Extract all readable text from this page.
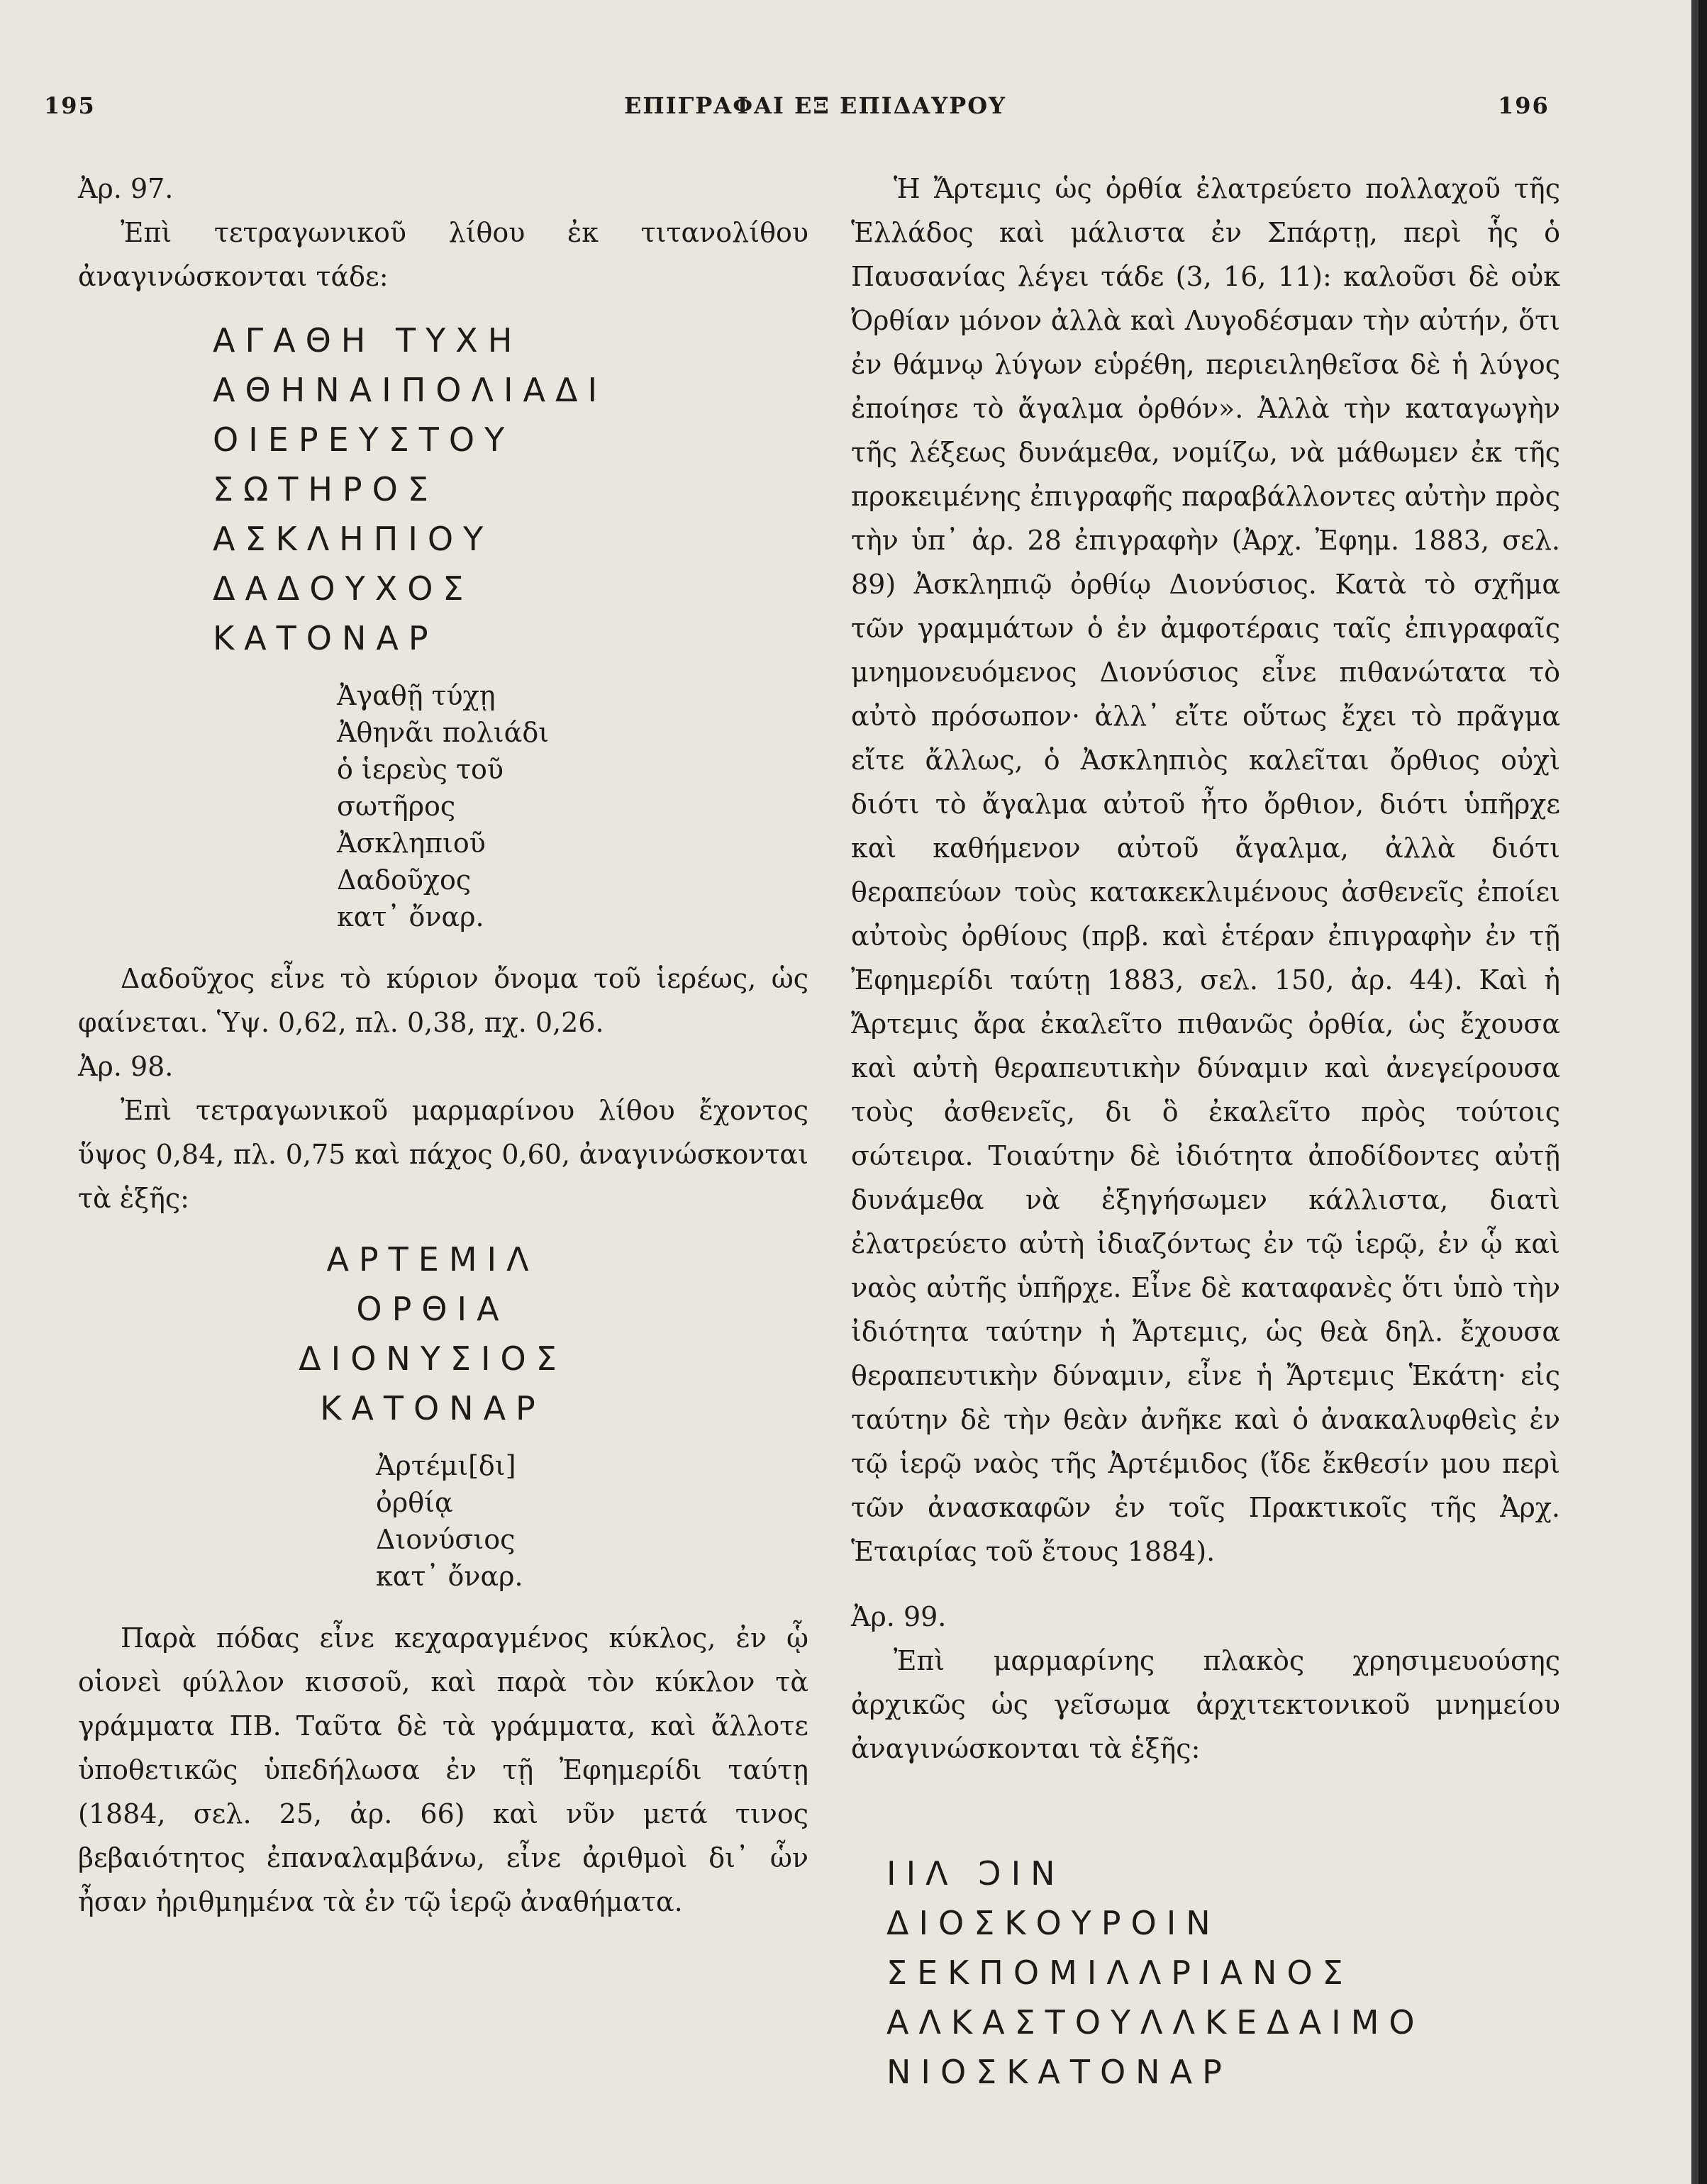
195	ΕΠΙΓΡΑΦΑΙ ΕΞ ΕΠΙΔΑΥΡΟΥ	196

Ἀρ. 97.

Ἐπὶ τετραγωνικοῦ λίθου ἐκ τιτανολίθου ἀναγινώσκονται τάδε:

ΑΓΑΘΗ ΤΥΧΗ
ΑΘΗΝΑΙΠΟΛΙΑΔΙ
ΟΙΕΡΕΥΣΤΟΥ
ΣΩΤΗΡΟΣ
ΑΣΚΛΗΠΙΟΥ
ΔΑΔΟΥΧΟΣ
ΚΑΤΟΝΑΡ
Ἀγαθῇ τύχῃ
Ἀθηνᾶι πολιάδι
ὁ ἱερεὺς τοῦ
σωτῆρος
Ἀσκληπιοῦ
Δαδοῦχος
κατ᾽ ὄναρ.

Δαδοῦχος εἶνε τὸ κύριον ὄνομα τοῦ ἱερέως, ὡς φαίνεται. Ὑψ. 0,62, πλ. 0,38, πχ. 0,26.

Ἀρ. 98.

Ἐπὶ τετραγωνικοῦ μαρμαρίνου λίθου ἔχοντος ὕψος 0,84, πλ. 0,75 καὶ πάχος 0,60, ἀναγινώσκονται τὰ ἑξῆς:

ΑΡΤΕΜΙΛ
ΟΡΘΙΑ
ΔΙΟΝΥΣΙΟΣ
ΚΑΤΟΝΑΡ
Ἀρτέμι[δι]
ὀρθίᾳ
Διονύσιος
κατ᾽ ὄναρ.

Παρὰ πόδας εἶνε κεχαραγμένος κύκλος, ἐν ᾧ οἱονεὶ φύλλον κισσοῦ, καὶ παρὰ τὸν κύκλον τὰ γράμματα ΠΒ. Ταῦτα δὲ τὰ γράμματα, καὶ ἄλλοτε ὑποθετικῶς ὑπεδήλωσα ἐν τῇ Ἐφημερίδι ταύτῃ (1884, σελ. 25, ἀρ. 66) καὶ νῦν μετά τινος βεβαιότητος ἐπαναλαμβάνω, εἶνε ἀριθμοὶ δι᾽ ὧν ἦσαν ἠριθμημένα τὰ ἐν τῷ ἱερῷ ἀναθήματα.

Ἡ Ἄρτεμις ὡς ὀρθία ἐλατρεύετο πολλαχοῦ τῆς Ἑλλάδος καὶ μάλιστα ἐν Σπάρτῃ, περὶ ἧς ὁ Παυσανίας λέγει τάδε (3, 16, 11): καλοῦσι δὲ οὐκ Ὀρθίαν μόνον ἀλλὰ καὶ Λυγοδέσμαν τὴν αὐτήν, ὅτι ἐν θάμνῳ λύγων εὑρέθη, περιειληθεῖσα δὲ ἡ λύγος ἐποίησε τὸ ἄγαλμα ὀρθόν». Ἀλλὰ τὴν καταγωγὴν τῆς λέξεως δυνάμεθα, νομίζω, νὰ μάθωμεν ἐκ τῆς προκειμένης ἐπιγραφῆς παραβάλλοντες αὐτὴν πρὸς τὴν ὑπ᾽ ἀρ. 28 ἐπιγραφὴν (Ἀρχ. Ἐφημ. 1883, σελ. 89) Ἀσκληπιῷ ὀρθίῳ Διονύσιος. Κατὰ τὸ σχῆμα τῶν γραμμάτων ὁ ἐν ἀμφοτέραις ταῖς ἐπιγραφαῖς μνημονευόμενος Διονύσιος εἶνε πιθανώτατα τὸ αὐτὸ πρόσωπον· ἀλλ᾽ εἴτε οὕτως ἔχει τὸ πρᾶγμα εἴτε ἄλλως, ὁ Ἀσκληπιὸς καλεῖται ὄρθιος οὐχὶ διότι τὸ ἄγαλμα αὐτοῦ ἦτο ὄρθιον, διότι ὑπῆρχε καὶ καθήμενον αὐτοῦ ἄγαλμα, ἀλλὰ διότι θεραπεύων τοὺς κατακεκλιμένους ἀσθενεῖς ἐποίει αὐτοὺς ὀρθίους (πρβ. καὶ ἑτέραν ἐπιγραφὴν ἐν τῇ Ἐφημερίδι ταύτῃ 1883, σελ. 150, ἀρ. 44). Καὶ ἡ Ἄρτεμις ἄρα ἐκαλεῖτο πιθανῶς ὀρθία, ὡς ἔχουσα καὶ αὐτὴ θεραπευτικὴν δύναμιν καὶ ἀνεγείρουσα τοὺς ἀσθενεῖς, δι ὃ ἐκαλεῖτο πρὸς τούτοις σώτειρα. Τοιαύτην δὲ ἰδιότητα ἀποδίδοντες αὐτῇ δυνάμεθα νὰ ἐξηγήσωμεν κάλλιστα, διατὶ ἐλατρεύετο αὐτὴ ἰδιαζόντως ἐν τῷ ἱερῷ, ἐν ᾧ καὶ ναὸς αὐτῆς ὑπῆρχε. Εἶνε δὲ καταφανὲς ὅτι ὑπὸ τὴν ἰδιότητα ταύτην ἡ Ἄρτεμις, ὡς θεὰ δηλ. ἔχουσα θεραπευτικὴν δύναμιν, εἶνε ἡ Ἄρτεμις Ἑκάτη· εἰς ταύτην δὲ τὴν θεὰν ἀνῆκε καὶ ὁ ἀνακαλυφθεὶς ἐν τῷ ἱερῷ ναὸς τῆς Ἀρτέμιδος (ἴδε ἔκθεσίν μου περὶ τῶν ἀνασκαφῶν ἐν τοῖς Πρακτικοῖς τῆς Ἀρχ. Ἑταιρίας τοῦ ἔτους 1884).

Ἀρ. 99.

Ἐπὶ μαρμαρίνης πλακὸς χρησιμευούσης ἀρχικῶς ὡς γεῖσωμα ἀρχιτεκτονικοῦ μνημείου ἀναγινώσκονται τὰ ἑξῆς:

ΙΙΛ ϽΙΝ
ΔΙΟΣΚΟΥΡΟΙΝ
ΣΕΚΠΟΜΙΛΛΡΙΑΝΟΣ
ΑΛΚΑΣΤΟΥΛΛΚΕΔΑΙΜΟ
ΝΙΟΣΚΑΤΟΝΑΡ
